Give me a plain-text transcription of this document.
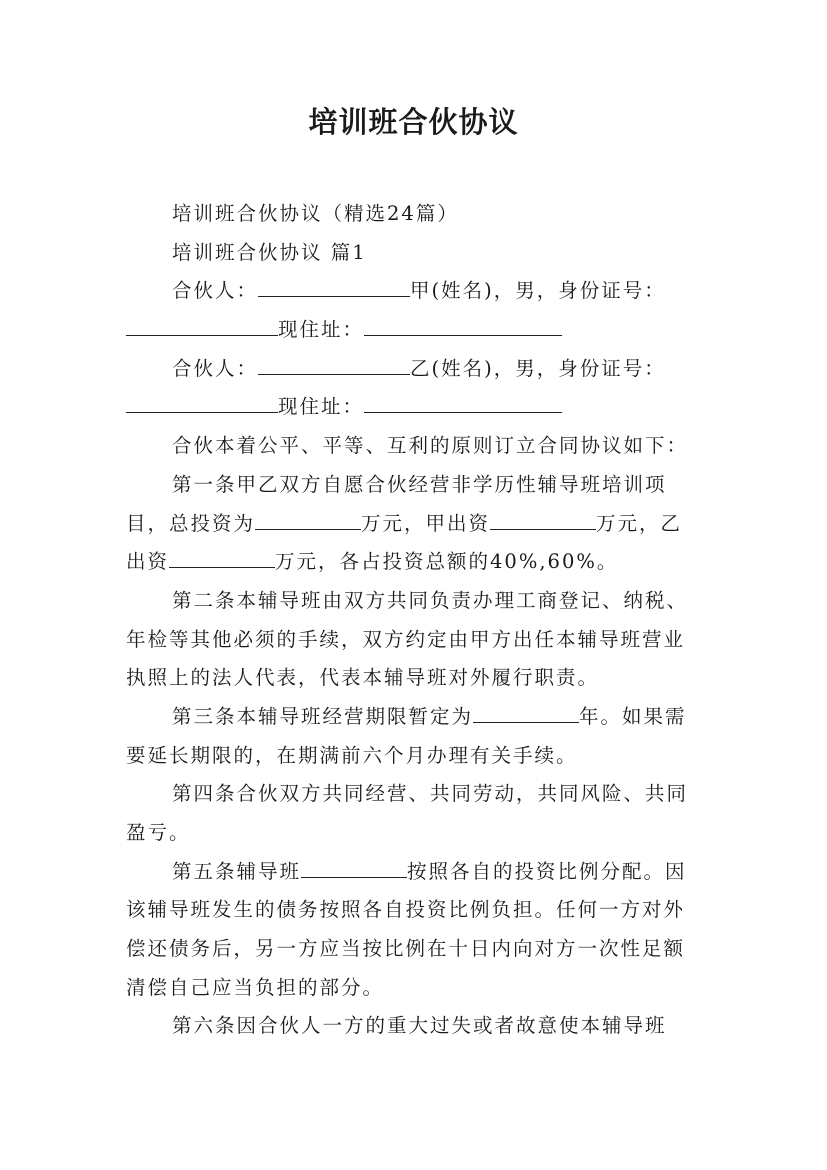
培训班合伙协议
培训班合伙协议（精选24篇）
培训班合伙协议 篇1
合伙人：	甲(姓名)，男，身份证号：
现住址：
合伙人：	乙(姓名)，男，身份证号：
现住址：
合伙本着公平、平等、互利的原则订立合同协议如下：
第一条甲乙双方自愿合伙经营非学历性辅导班培训项
目，总投资为	万元，甲出资	万元，乙
出资	万元，各占投资总额的40%,60%。
第二条本辅导班由双方共同负责办理工商登记、纳税、
年检等其他必须的手续，双方约定由甲方出任本辅导班营业
执照上的法人代表，代表本辅导班对外履行职责。
第三条本辅导班经营期限暂定为	年。如果需
要延长期限的，在期满前六个月办理有关手续。
第四条合伙双方共同经营、共同劳动，共同风险、共同
盈亏。
第五条辅导班	按照各自的投资比例分配。因
该辅导班发生的债务按照各自投资比例负担。任何一方对外
偿还债务后，另一方应当按比例在十日内向对方一次性足额
清偿自己应当负担的部分。
第六条因合伙人一方的重大过失或者故意使本辅导班
